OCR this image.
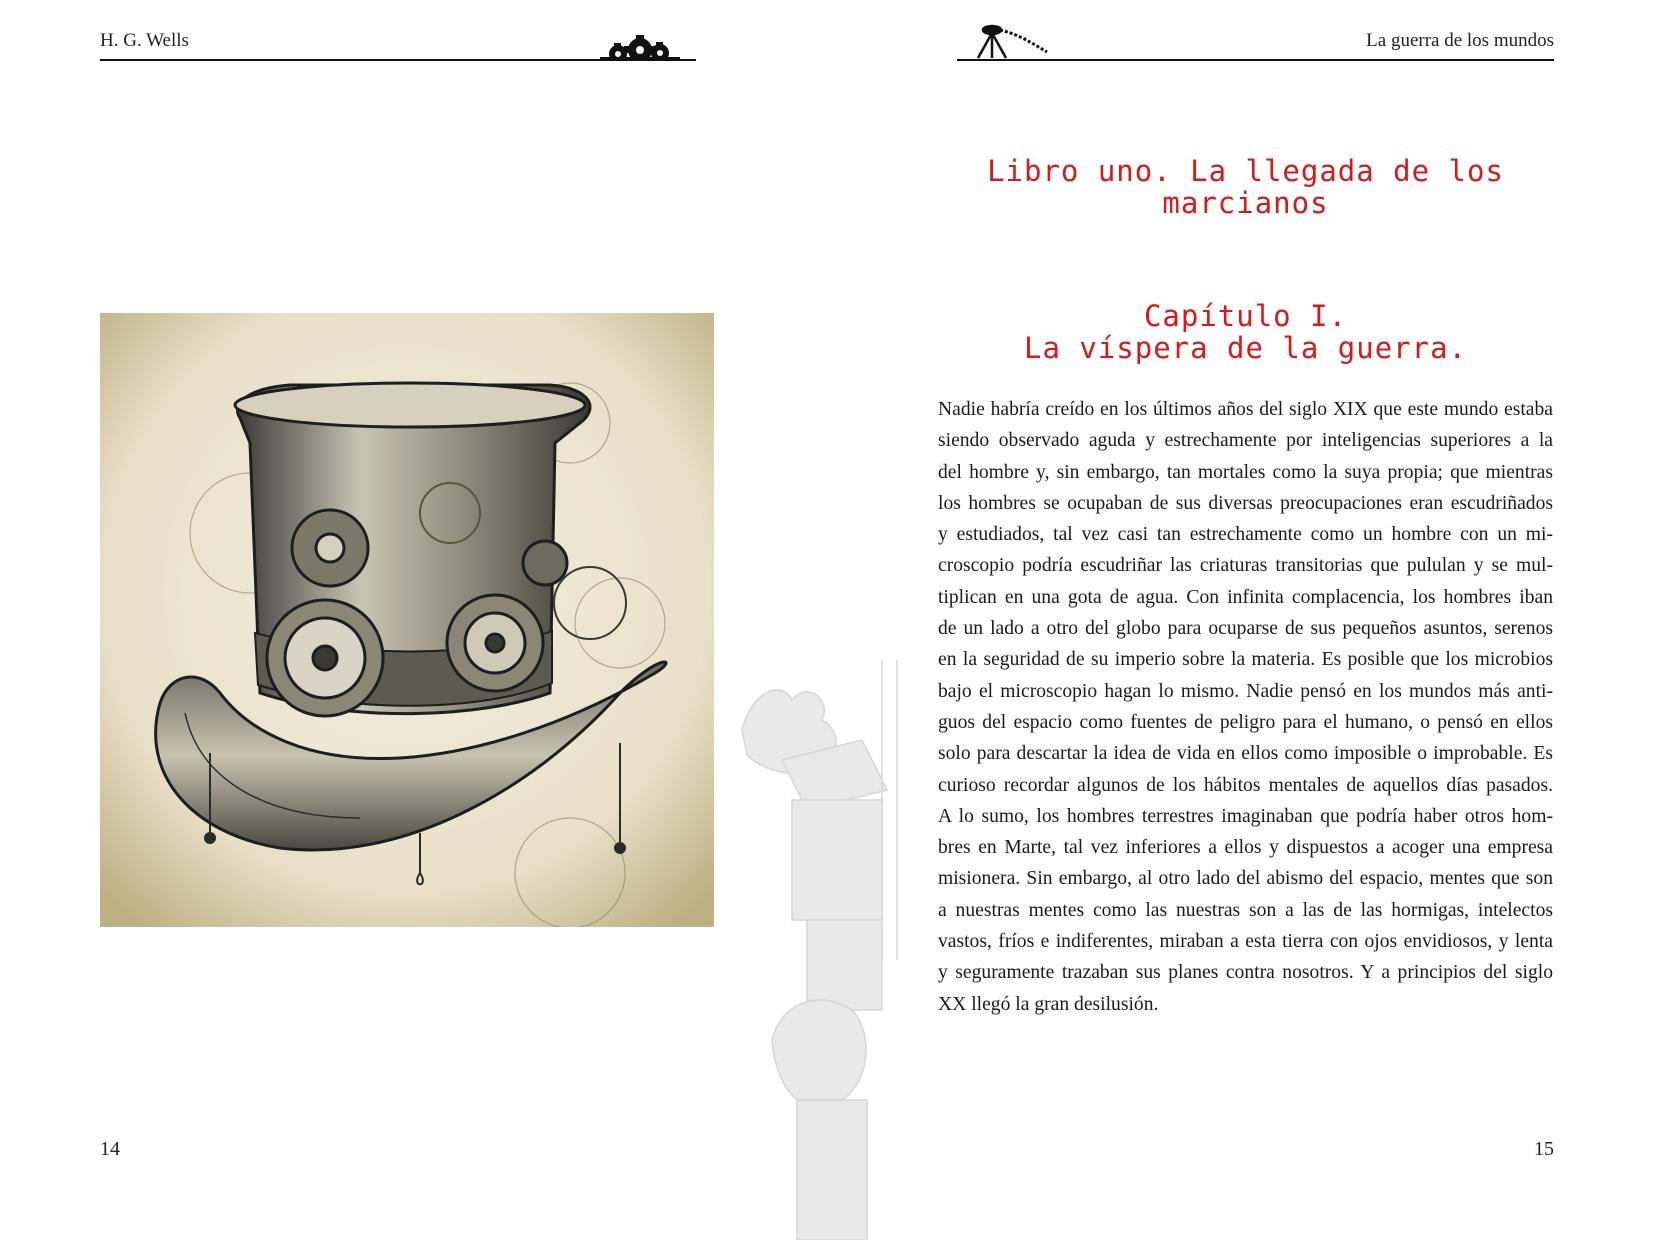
H. G. Wells
14
La guerra de los mundos
15
Libro uno. La llegada de los
marcianos
Capítulo I.
La víspera de la guerra.
Nadie habría creído en los últimos años del siglo XIX que este mundo estaba
siendo observado aguda y estrechamente por inteligencias superiores a la
del hombre y, sin embargo, tan mortales como la suya propia; que mientras
los hombres se ocupaban de sus diversas preocupaciones eran escudriñados
y estudiados, tal vez casi tan estrechamente como un hombre con un mi-
croscopio podría escudriñar las criaturas transitorias que pululan y se mul-
tiplican en una gota de agua. Con infinita complacencia, los hombres iban
de un lado a otro del globo para ocuparse de sus pequeños asuntos, serenos
en la seguridad de su imperio sobre la materia. Es posible que los microbios
bajo el microscopio hagan lo mismo. Nadie pensó en los mundos más anti-
guos del espacio como fuentes de peligro para el humano, o pensó en ellos
solo para descartar la idea de vida en ellos como imposible o improbable. Es
curioso recordar algunos de los hábitos mentales de aquellos días pasados.
A lo sumo, los hombres terrestres imaginaban que podría haber otros hom-
bres en Marte, tal vez inferiores a ellos y dispuestos a acoger una empresa
misionera. Sin embargo, al otro lado del abismo del espacio, mentes que son
a nuestras mentes como las nuestras son a las de las hormigas, intelectos
vastos, fríos e indiferentes, miraban a esta tierra con ojos envidiosos, y lenta
y seguramente trazaban sus planes contra nosotros. Y a principios del siglo
XX llegó la gran desilusión.
